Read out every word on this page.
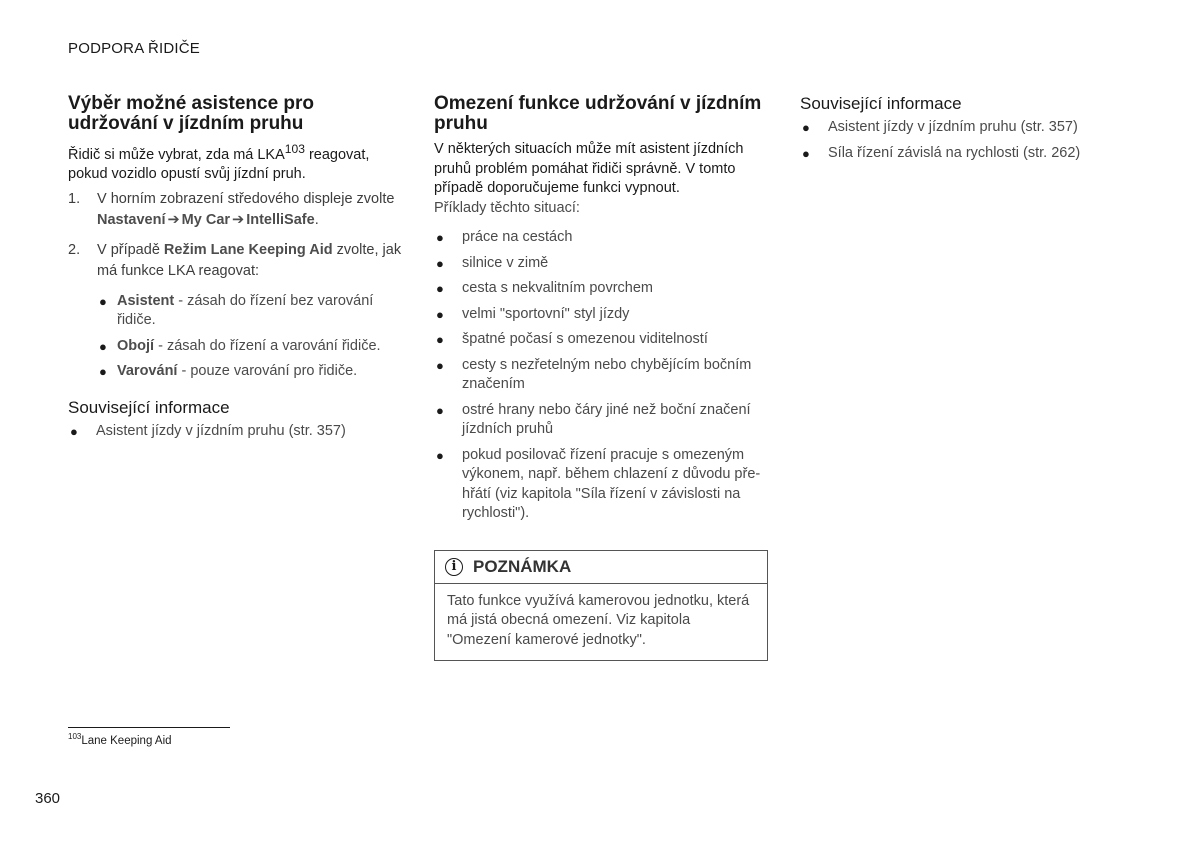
PODPORA ŘIDIČE
Výběr možné asistence pro udržování v jízdním pruhu

Řidič si může vybrat, zda má LKA$^{103}$ reagovat, pokud vozidlo opustí svůj jízdní pruh.

1. V horním zobrazení středového displeje zvolte
Nastavení ➔ My Car ➔ IntelliSafe.
2. V případě Režim Lane Keeping Aid zvolte, jak má funkce LKA reagovat:
● Asistent - zásah do řízení bez varování řidiče.
● Obojí - zásah do řízení a varování řidiče.
● Varování - pouze varování pro řidiče.
Související informace
● Asistent jízdy v jízdním pruhu (str. 357)
Omezení funkce udržování v jízdním pruhu

V některých situacích může mít asistent jízdních pruhů problém pomáhat řidiči správně. V tomto případě doporučujeme funkci vypnout.

Příklady těchto situací:

● práce na cestách
● silnice v zimě
● cesta s nekvalitním povrchem
● velmi "sportovní" styl jízdy
● špatné počasí s omezenou viditelností
● cesty s nezřetelným nebo chybějícím bočním značením
● ostré hrany nebo čáry jiné než boční značení jízdních pruhů
● pokud posilovač řízení pracuje s omezeným výkonem, např. během chlazení z důvodu pře-hřátí (viz kapitola "Síla řízení v závislosti na rychlosti").
i POZNÁMKA
Tato funkce využívá kamerovou jednotku, která má jistá obecná omezení. Viz kapitola "Omezení kamerové jednotky".
Související informace
● Asistent jízdy v jízdním pruhu (str. 357)
● Síla řízení závislá na rychlosti (str. 262)
$^{103}$Lane Keeping Aid
360
